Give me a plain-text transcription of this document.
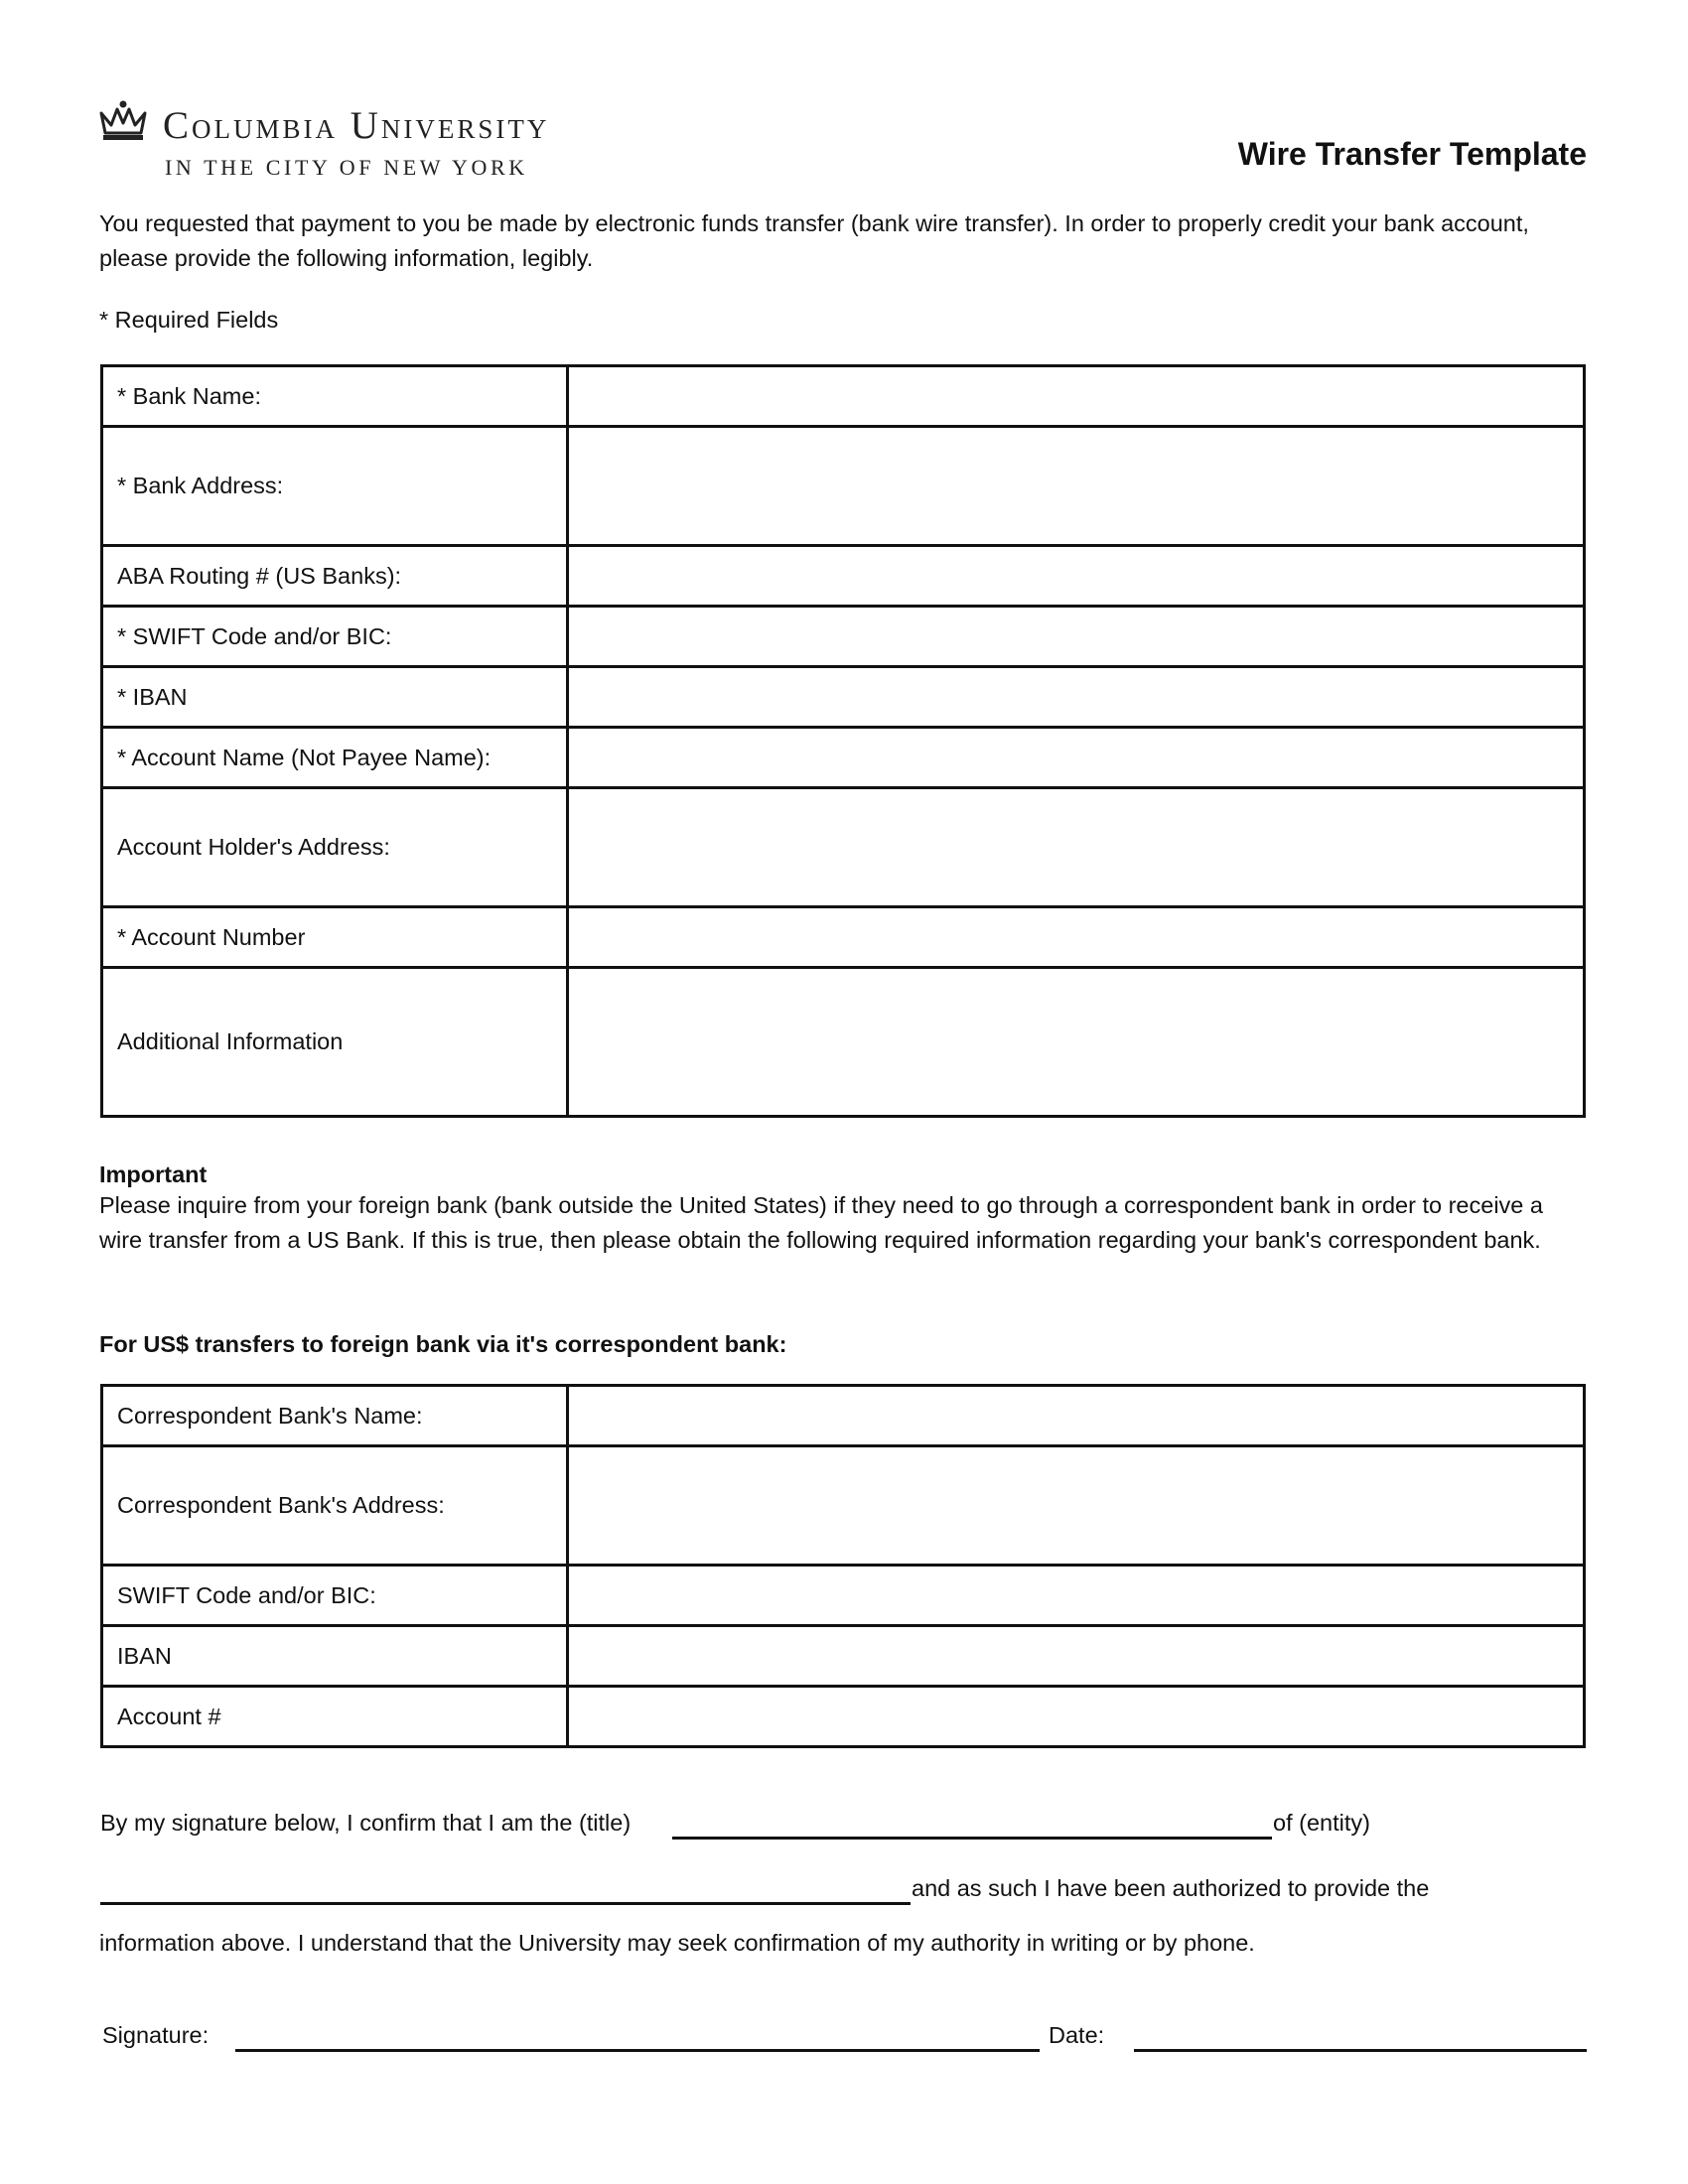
Columbia University
IN THE CITY OF NEW YORK	Wire Transfer Template

You requested that payment to you be made by electronic funds transfer (bank wire transfer). In order to properly credit your bank account, please provide the following information, legibly.

* Required Fields

* Bank Name:	
* Bank Address:	
ABA Routing # (US Banks):	
* SWIFT Code and/or BIC:	
* IBAN	
* Account Name (Not Payee Name):	
Account Holder's Address:	
* Account Number	
Additional Information	

Important

Please inquire from your foreign bank (bank outside the United States) if they need to go through a correspondent bank in order to receive a wire transfer from a US Bank. If this is true, then please obtain the following required information regarding your bank's correspondent bank.

For US$ transfers to foreign bank via it's correspondent bank:

Correspondent Bank's Name:	
Correspondent Bank's Address:	
SWIFT Code and/or BIC:	
IBAN	
Account #	

By my signature below, I confirm that I am the (title)	of (entity)

and as such I have been authorized to provide the

information above. I understand that the University may seek confirmation of my authority in writing or by phone.

Signature:	Date:
